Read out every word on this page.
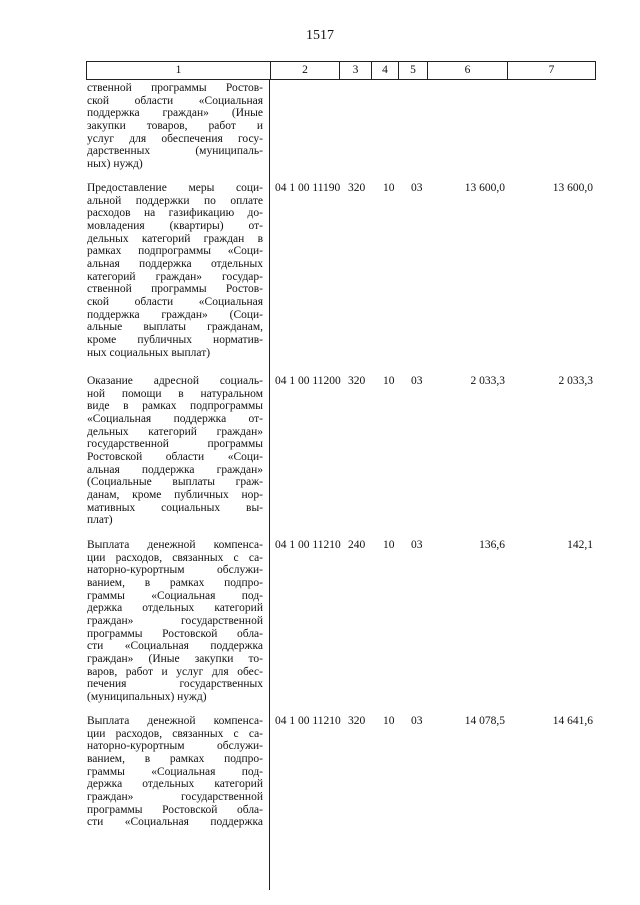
1517
1	2	3	4	5	6	7
ственной программы Ростов-
ской области «Социальная
поддержка граждан» (Иные
закупки товаров, работ и
услуг для обеспечения госу-
дарственных (муниципаль-
ных) нужд)
Предоставление меры соци-
альной поддержки по оплате
расходов на газификацию до-
мовладения (квартиры) от-
дельных категорий граждан в
рамках подпрограммы «Соци-
альная поддержка отдельных
категорий граждан» государ-
ственной программы Ростов-
ской области «Социальная
поддержка граждан» (Соци-
альные выплаты гражданам,
кроме публичных норматив-
ных социальных выплат)
04 1 00 11190 320 10 03	13 600,0	13 600,0
Оказание адресной социаль-
ной помощи в натуральном
виде в рамках подпрограммы
«Социальная поддержка от-
дельных категорий граждан»
государственной программы
Ростовской области «Соци-
альная поддержка граждан»
(Социальные выплаты граж-
данам, кроме публичных нор-
мативных социальных вы-
плат)
04 1 00 11200 320 10 03	2 033,3	2 033,3
Выплата денежной компенса-
ции расходов, связанных с са-
наторно-курортным обслужи-
ванием, в рамках подпро-
граммы «Социальная под-
держка отдельных категорий
граждан» государственной
программы Ростовской обла-
сти «Социальная поддержка
граждан» (Иные закупки то-
варов, работ и услуг для обес-
печения государственных
(муниципальных) нужд)
04 1 00 11210 240 10 03	136,6	142,1
Выплата денежной компенса-
ции расходов, связанных с са-
наторно-курортным обслужи-
ванием, в рамках подпро-
граммы «Социальная под-
держка отдельных категорий
граждан» государственной
программы Ростовской обла-
сти «Социальная поддержка
04 1 00 11210 320 10 03	14 078,5	14 641,6
